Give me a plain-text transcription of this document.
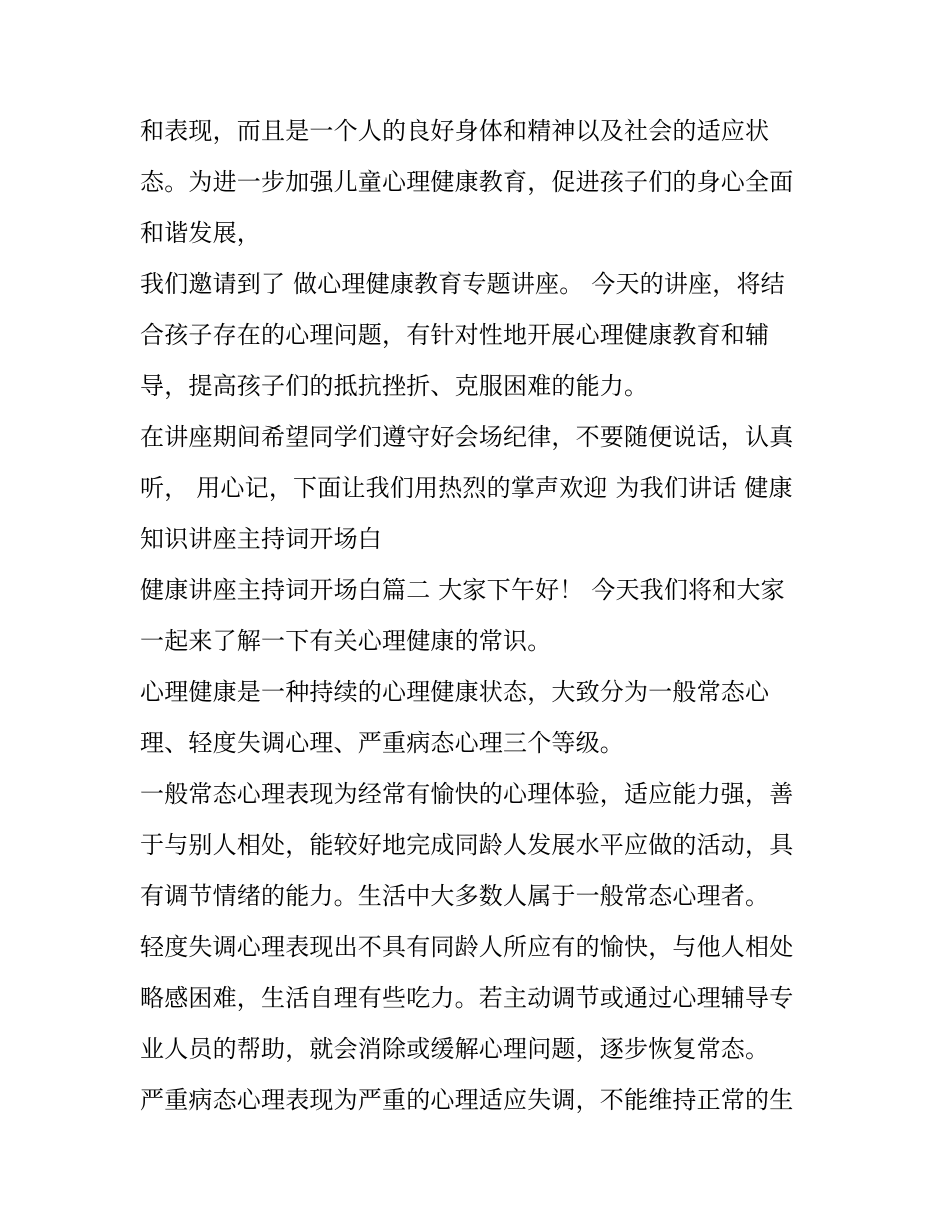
和表现，而且是一个人的良好身体和精神以及社会的适应状
态。为进一步加强儿童心理健康教育，促进孩子们的身心全面
和谐发展，
我们邀请到了 做心理健康教育专题讲座。 今天的讲座，将结
合孩子存在的心理问题，有针对性地开展心理健康教育和辅
导，提高孩子们的抵抗挫折、克服困难的能力。
在讲座期间希望同学们遵守好会场纪律，不要随便说话，认真
听， 用心记，下面让我们用热烈的掌声欢迎 为我们讲话 健康
知识讲座主持词开场白
健康讲座主持词开场白篇二 大家下午好！ 今天我们将和大家
一起来了解一下有关心理健康的常识。
心理健康是一种持续的心理健康状态，大致分为一般常态心
理、轻度失调心理、严重病态心理三个等级。
一般常态心理表现为经常有愉快的心理体验，适应能力强，善
于与别人相处，能较好地完成同龄人发展水平应做的活动，具
有调节情绪的能力。生活中大多数人属于一般常态心理者。
轻度失调心理表现出不具有同龄人所应有的愉快，与他人相处
略感困难，生活自理有些吃力。若主动调节或通过心理辅导专
业人员的帮助，就会消除或缓解心理问题，逐步恢复常态。
严重病态心理表现为严重的心理适应失调，不能维持正常的生
